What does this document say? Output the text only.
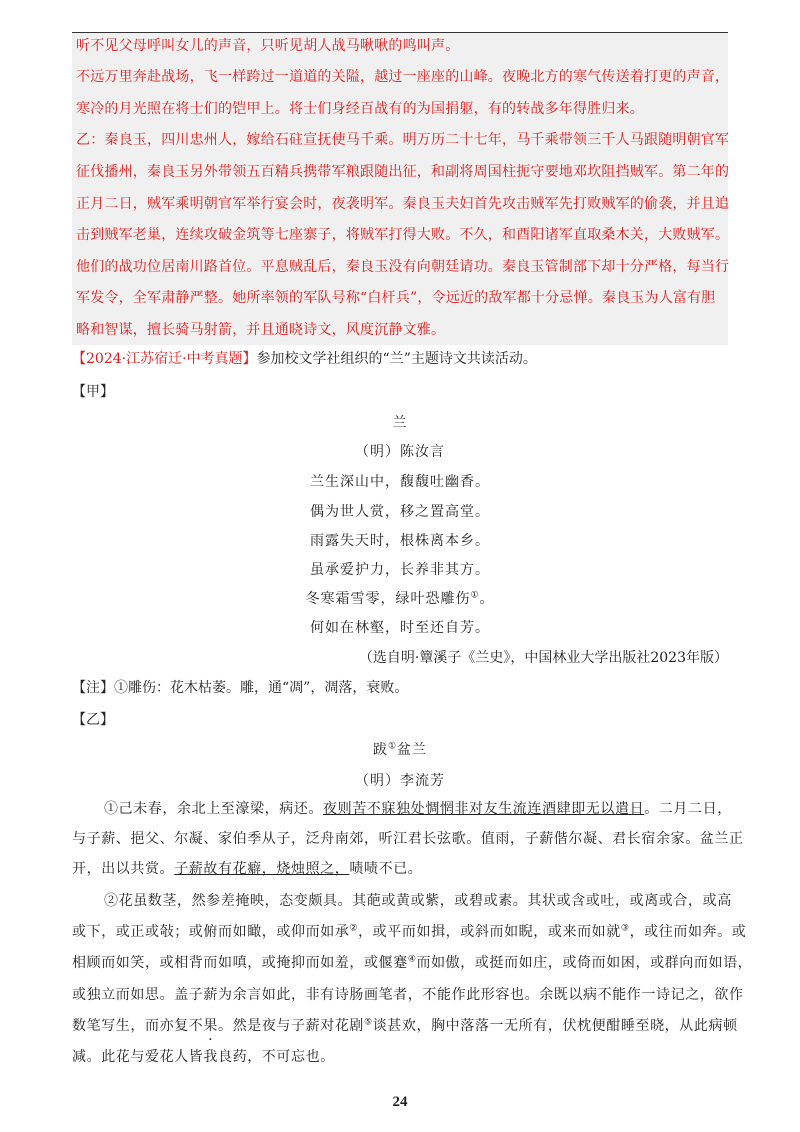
听不见父母呼叫女儿的声音，只听见胡人战马啾啾的鸣叫声。
不远万里奔赴战场，飞一样跨过一道道的关隘，越过一座座的山峰。夜晚北方的寒气传送着打更的声音，
寒冷的月光照在将士们的铠甲上。将士们身经百战有的为国捐躯，有的转战多年得胜归来。
乙：秦良玉，四川忠州人，嫁给石砫宣抚使马千乘。明万历二十七年，马千乘带领三千人马跟随明朝官军
征伐播州，秦良玉另外带领五百精兵携带军粮跟随出征，和副将周国柱扼守要地邓坎阻挡贼军。第二年的
正月二日，贼军乘明朝官军举行宴会时，夜袭明军。秦良玉夫妇首先攻击贼军先打败贼军的偷袭，并且追
击到贼军老巢，连续攻破金筑等七座寨子，将贼军打得大败。不久，和酉阳诸军直取桑木关，大败贼军。
他们的战功位居南川路首位。平息贼乱后，秦良玉没有向朝廷请功。秦良玉管制部下却十分严格，每当行
军发令，全军肃静严整。她所率领的军队号称“白杆兵”，令远近的敌军都十分忌惮。秦良玉为人富有胆
略和智谋，擅长骑马射箭，并且通晓诗文，风度沉静文雅。
【2024·江苏宿迁·中考真题】参加校文学社组织的“兰”主题诗文共读活动。
【甲】
兰
（明）陈汝言
兰生深山中，馥馥吐幽香。
偶为世人赏，移之置高堂。
雨露失天时，根株离本乡。
虽承爱护力，长养非其方。
冬寒霜雪零，绿叶恐雕伤①。
何如在林壑，时至还自芳。
（选自明·簟溪子《兰史》，中国林业大学出版社2023年版）
【注】①雕伤：花木枯萎。雕，通“凋”，凋落，衰败。
【乙】
跋①盆兰
（明）李流芳
①己未春，余北上至濠梁，病还。夜则苦不寐独处惆惘非对友生流连酒肆即无以遣日。二月二日，
与子薪、挹父、尔凝、家伯季从子，泛舟南郊，听江君长弦歌。值雨，子薪偕尔凝、君长宿余家。盆兰正
开，出以共赏。子薪故有花癖，烧烛照之，啧啧不已。
②花虽数茎，然参差掩映，态变颇具。其葩或黄或紫，或碧或素。其状或含或吐，或离或合，或高
或下，或正或敧；或俯而如瞰，或仰而如承②，或平而如揖，或斜而如睨，或来而如就③，或往而如奔。或
相顾而如笑，或相背而如嗔，或掩抑而如羞，或偃蹇④而如傲，或挺而如庄，或倚而如困，或群向而如语，
或独立而如思。盖子薪为余言如此，非有诗肠画笔者，不能作此形容也。余既以病不能作一诗记之，欲作
数笔写生，而亦复不果。然是夜与子薪对花剧⑤谈甚欢，胸中落落一无所有，伏枕便酣睡至晓，从此病顿
减。此花与爱花人皆我良药，不可忘也。
24
